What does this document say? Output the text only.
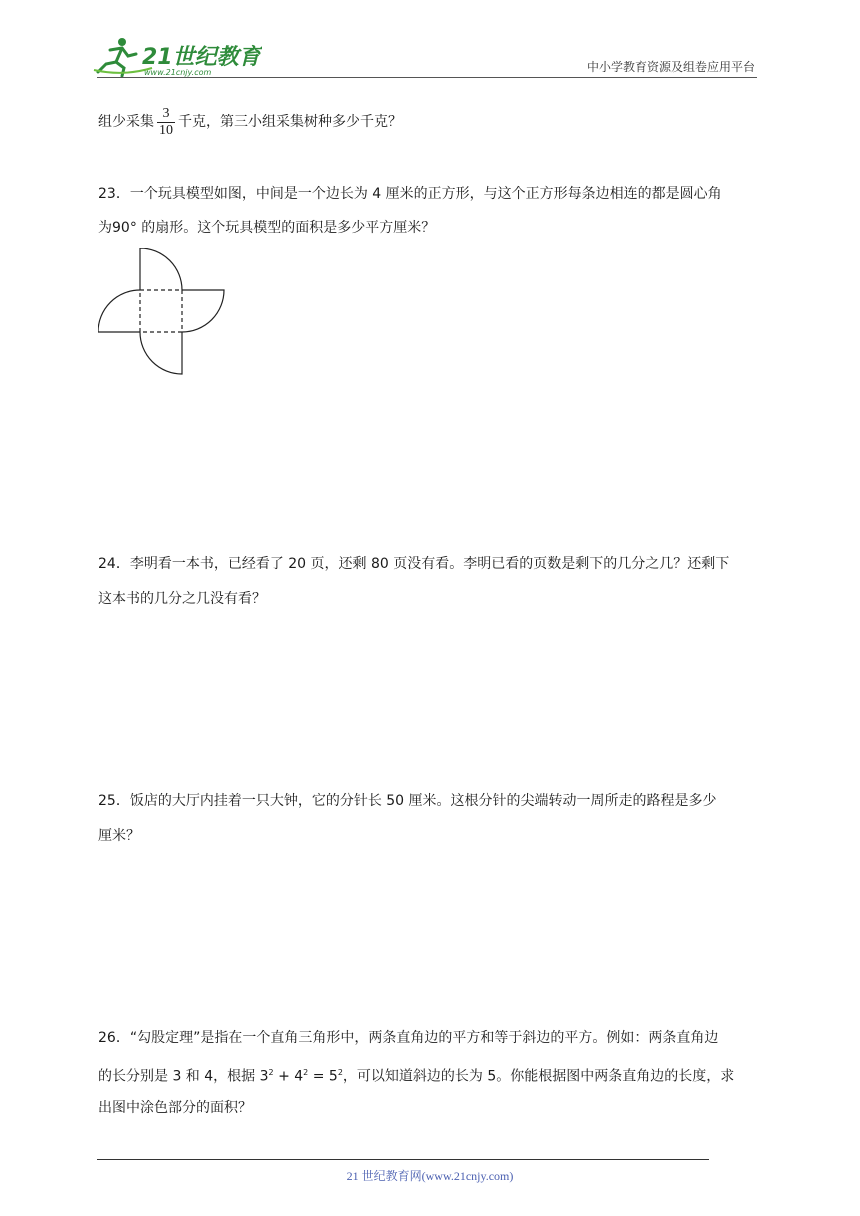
21世纪教育
www.21cnjy.com	中小学教育资源及组卷应用平台
组少采集 $\frac{3}{10}$ 千克，第三小组采集树种多少千克？
23．一个玩具模型如图，中间是一个边长为 4 厘米的正方形，与这个正方形每条边相连的都是圆心角
为90° 的扇形。这个玩具模型的面积是多少平方厘米？
24．李明看一本书，已经看了 20 页，还剩 80 页没有看。李明已看的页数是剩下的几分之几？还剩下
这本书的几分之几没有看？
25．饭店的大厅内挂着一只大钟，它的分针长 50 厘米。这根分针的尖端转动一周所走的路程是多少
厘米？
26．“勾股定理”是指在一个直角三角形中，两条直角边的平方和等于斜边的平方。例如：两条直角边
的长分别是 3 和 4，根据 $3^2 + 4^2 = 5^2$，可以知道斜边的长为 5。你能根据图中两条直角边的长度，求
出图中涂色部分的面积？
21 世纪教育网(www.21cnjy.com)
